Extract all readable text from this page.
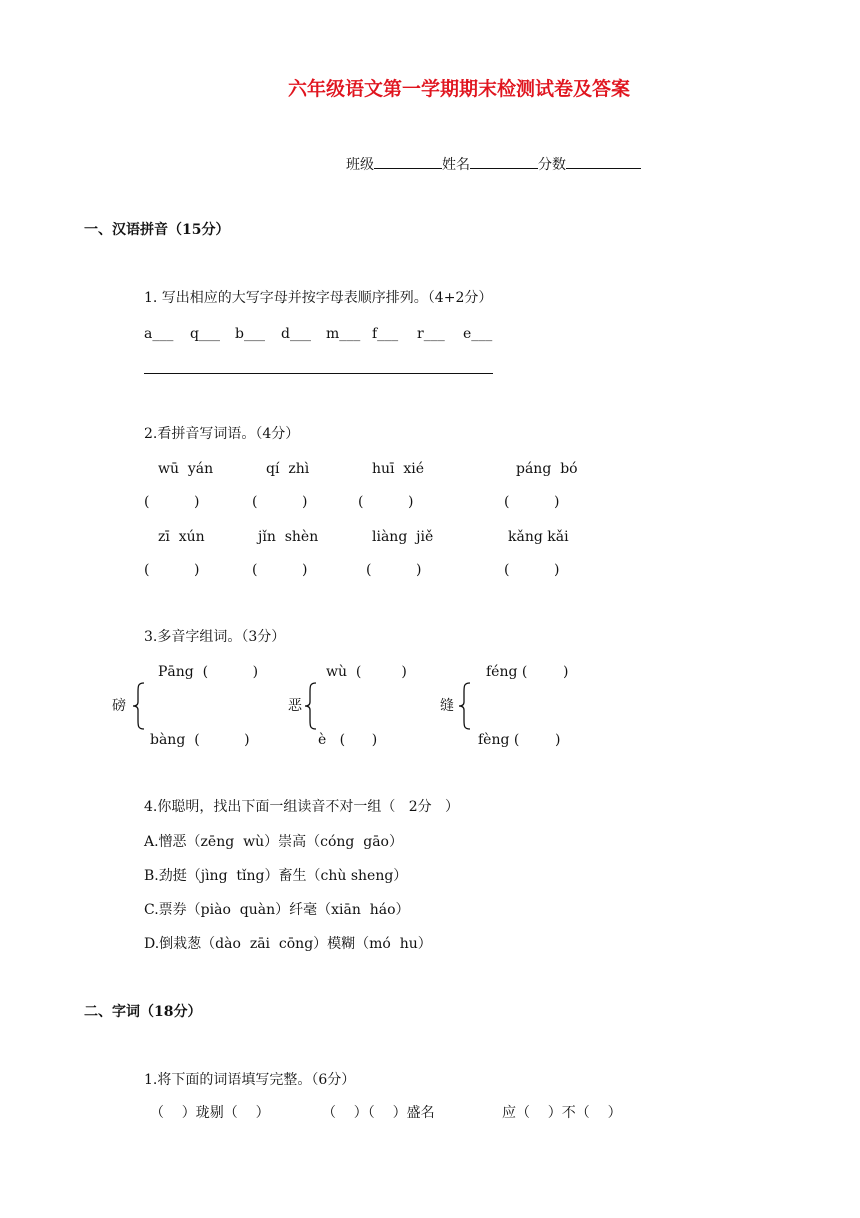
六年级语文第一学期期末检测试卷及答案
班级	姓名	分数
一、汉语拼音（15分）
1. 写出相应的大写字母并按字母表顺序排列。（4+2分）
a___ q___ b___ d___ m___ f___ r___ e___
2.看拼音写词语。（4分）
wū  yán	qí  zhì	huī  xié	páng  bó
(          )	(          )	(          )	(          )
zī  xún	jǐn  shèn	liàng  jiě	kǎng kǎi
(          )	(          )	(          )	(          )
3.多音字组词。（3分）
Pāng  (          )	wù  (         )	féng (        )
磅	恶	缝
bàng  (          )	è   (      )	fèng (        )
4.你聪明，找出下面一组读音不对一组（   2分   ）
A.憎恶（zēng  wù）崇高（cóng  gāo）
B.劲挺（jìng  tǐng）畜生（chù sheng）
C.票券（piào  quàn）纤毫（xiān  háo）
D.倒栽葱（dào  zāi  cōng）模糊（mó  hu）
二、字词（18分）
1.将下面的词语填写完整。（6分）
（    ）珑剔（    ）	（    ）（    ）盛名	应（    ）不（    ）
